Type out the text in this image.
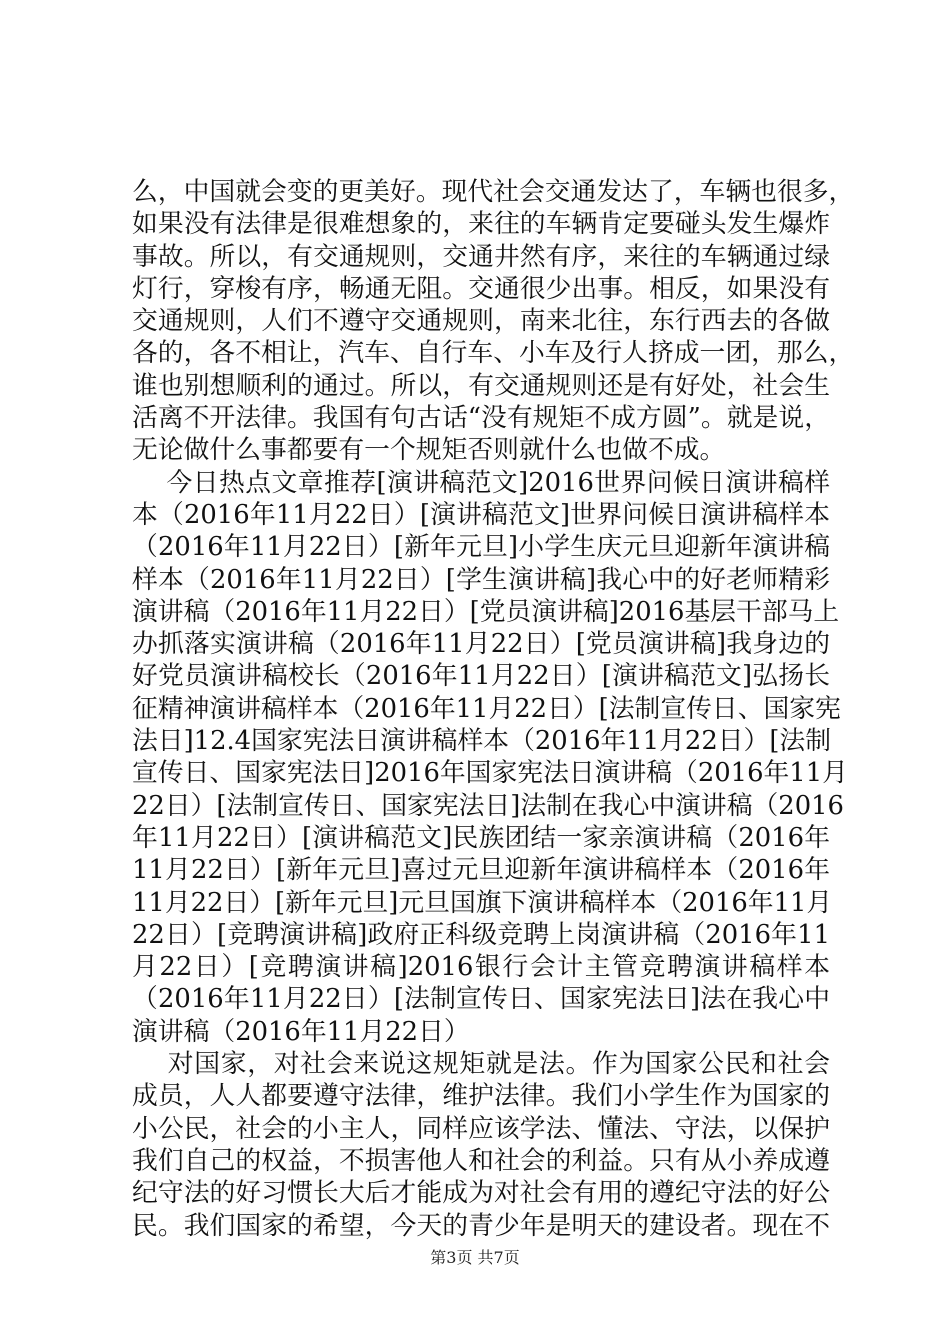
么，中国就会变的更美好。现代社会交通发达了，车辆也很多，
如果没有法律是很难想象的，来往的车辆肯定要碰头发生爆炸
事故。所以，有交通规则，交通井然有序，来往的车辆通过绿
灯行，穿梭有序，畅通无阻。交通很少出事。相反，如果没有
交通规则，人们不遵守交通规则，南来北往，东行西去的各做
各的，各不相让，汽车、自行车、小车及行人挤成一团，那么，
谁也别想顺利的通过。所以，有交通规则还是有好处，社会生
活离不开法律。我国有句古话“没有规矩不成方圆”。就是说，
无论做什么事都要有一个规矩否则就什么也做不成。
今日热点文章推荐[演讲稿范文]2016世界问候日演讲稿样
本（2016年11月22日）[演讲稿范文]世界问候日演讲稿样本
（2016年11月22日）[新年元旦]小学生庆元旦迎新年演讲稿
样本（2016年11月22日）[学生演讲稿]我心中的好老师精彩
演讲稿（2016年11月22日）[党员演讲稿]2016基层干部马上
办抓落实演讲稿（2016年11月22日）[党员演讲稿]我身边的
好党员演讲稿校长（2016年11月22日）[演讲稿范文]弘扬长
征精神演讲稿样本（2016年11月22日）[法制宣传日、国家宪
法日]12.4国家宪法日演讲稿样本（2016年11月22日）[法制
宣传日、国家宪法日]2016年国家宪法日演讲稿（2016年11月
22日）[法制宣传日、国家宪法日]法制在我心中演讲稿（2016
年11月22日）[演讲稿范文]民族团结一家亲演讲稿（2016年
11月22日）[新年元旦]喜过元旦迎新年演讲稿样本（2016年
11月22日）[新年元旦]元旦国旗下演讲稿样本（2016年11月
22日）[竞聘演讲稿]政府正科级竞聘上岗演讲稿（2016年11
月22日）[竞聘演讲稿]2016银行会计主管竞聘演讲稿样本
（2016年11月22日）[法制宣传日、国家宪法日]法在我心中
演讲稿（2016年11月22日）
对国家，对社会来说这规矩就是法。作为国家公民和社会
成员，人人都要遵守法律，维护法律。我们小学生作为国家的
小公民，社会的小主人，同样应该学法、懂法、守法，以保护
我们自己的权益，不损害他人和社会的利益。只有从小养成遵
纪守法的好习惯长大后才能成为对社会有用的遵纪守法的好公
民。我们国家的希望，今天的青少年是明天的建设者。现在不
第3页 共7页
